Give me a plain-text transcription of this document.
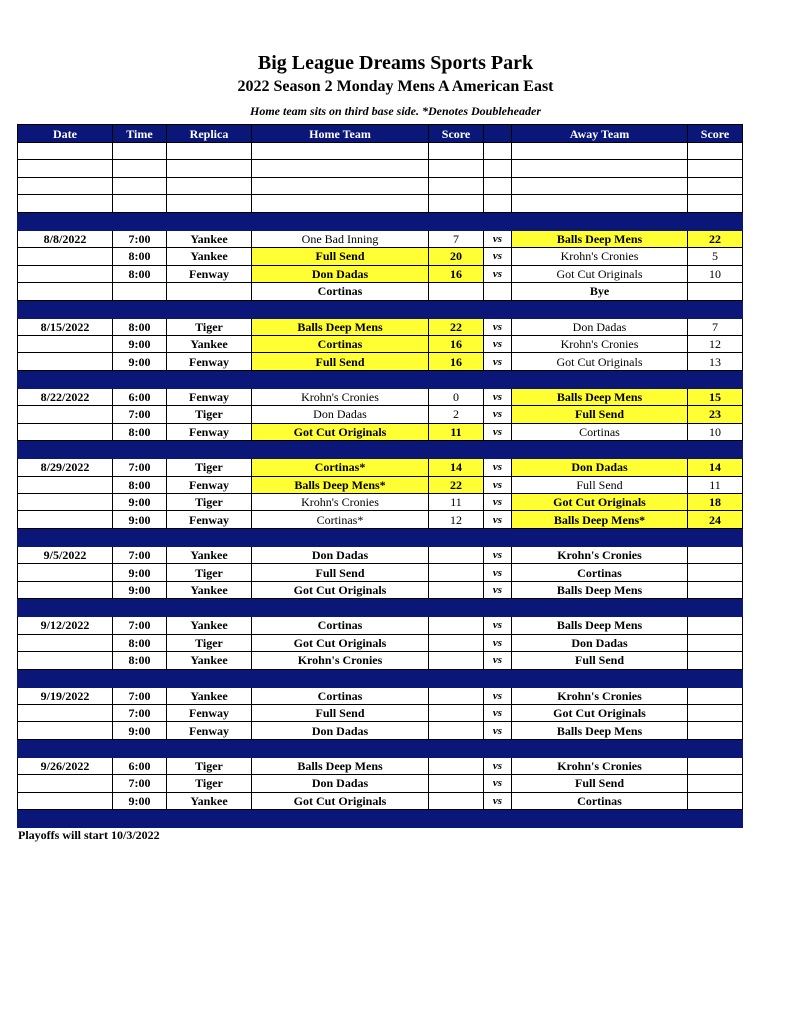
Big League Dreams Sports Park
2022 Season 2 Monday Mens A American East
Home team sits on third base side. *Denotes Doubleheader
Date	Time	Replica	Home Team	Score		Away Team	Score

8/8/2022	7:00	Yankee	One Bad Inning	7	vs	Balls Deep Mens	22
	8:00	Yankee	Full Send	20	vs	Krohn's Cronies	5
	8:00	Fenway	Don Dadas	16	vs	Got Cut Originals	10
			Cortinas			Bye	

8/15/2022	8:00	Tiger	Balls Deep Mens	22	vs	Don Dadas	7
	9:00	Yankee	Cortinas	16	vs	Krohn's Cronies	12
	9:00	Fenway	Full Send	16	vs	Got Cut Originals	13

8/22/2022	6:00	Fenway	Krohn's Cronies	0	vs	Balls Deep Mens	15
	7:00	Tiger	Don Dadas	2	vs	Full Send	23
	8:00	Fenway	Got Cut Originals	11	vs	Cortinas	10

8/29/2022	7:00	Tiger	Cortinas*	14	vs	Don Dadas	14
	8:00	Fenway	Balls Deep Mens*	22	vs	Full Send	11
	9:00	Tiger	Krohn's Cronies	11	vs	Got Cut Originals	18
	9:00	Fenway	Cortinas*	12	vs	Balls Deep Mens*	24

9/5/2022	7:00	Yankee	Don Dadas		vs	Krohn's Cronies	
	9:00	Tiger	Full Send		vs	Cortinas	
	9:00	Yankee	Got Cut Originals		vs	Balls Deep Mens	

9/12/2022	7:00	Yankee	Cortinas		vs	Balls Deep Mens	
	8:00	Tiger	Got Cut Originals		vs	Don Dadas	
	8:00	Yankee	Krohn's Cronies		vs	Full Send	

9/19/2022	7:00	Yankee	Cortinas		vs	Krohn's Cronies	
	7:00	Fenway	Full Send		vs	Got Cut Originals	
	9:00	Fenway	Don Dadas		vs	Balls Deep Mens	

9/26/2022	6:00	Tiger	Balls Deep Mens		vs	Krohn's Cronies	
	7:00	Tiger	Don Dadas		vs	Full Send	
	9:00	Yankee	Got Cut Originals		vs	Cortinas	

Playoffs will start 10/3/2022
